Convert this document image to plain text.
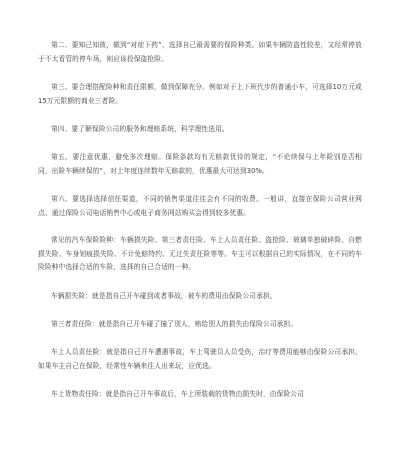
第二、要知己知彼，做到“对症下药”，选择自己最需要的保险种类。如果车辆防盗性较差，又经常停放于不太看管的停车场，则应该投保盗抢险。

第三、要合理搭配险种和责任限额，做到保障充分。例如对于上下班代步的普通小车，可选择10万元或15万元限额的商业三者险。

第四、要了解保险公司的服务和理赔系统，科学理性选用。

第五、要注意优惠，避免多次理赔。保险条款均有无赔款优待的规定，“不论续保与上年险别是否相同，出险车辆续保的”，对上年度连续数年无赔款的，优惠最大可达到30%。

第六、要选择选择信任渠道，不同的销售渠道往往会有不同的收费。一般讲，直接在保险公司营业网点、通过保险公司电话销售中心或电子商务网站购买会得到较多优惠。

常见的汽车保险险种：车辆损失险、第三者责任险、车上人员责任险、盗抢险、玻璃单独破碎险、自燃损失险、车身划痕损失险、不计免赔特约、无过失责任险等等。车主可以根据自己的实际情况，在不同的车险险种中选择合适的车险，选择的自己合适的一种。

车辆损失险：就是指自己开车碰到或者事故，被车的费用由保险公司承担。

第三者责任险：就是指自己开车碰了撞了别人，赔给别人的损失由保险公司承担。

车上人员责任险：就是指自己开车遭遇事故，车上驾驶员人员受伤，治疗等费用能够由保险公司承担。如果车主自己在保险，经常性车辆来往人出来玩，应优选。

车上货物责任险：就是指自己开车事故后，车上所装载的货物由损失时，由保险公司
